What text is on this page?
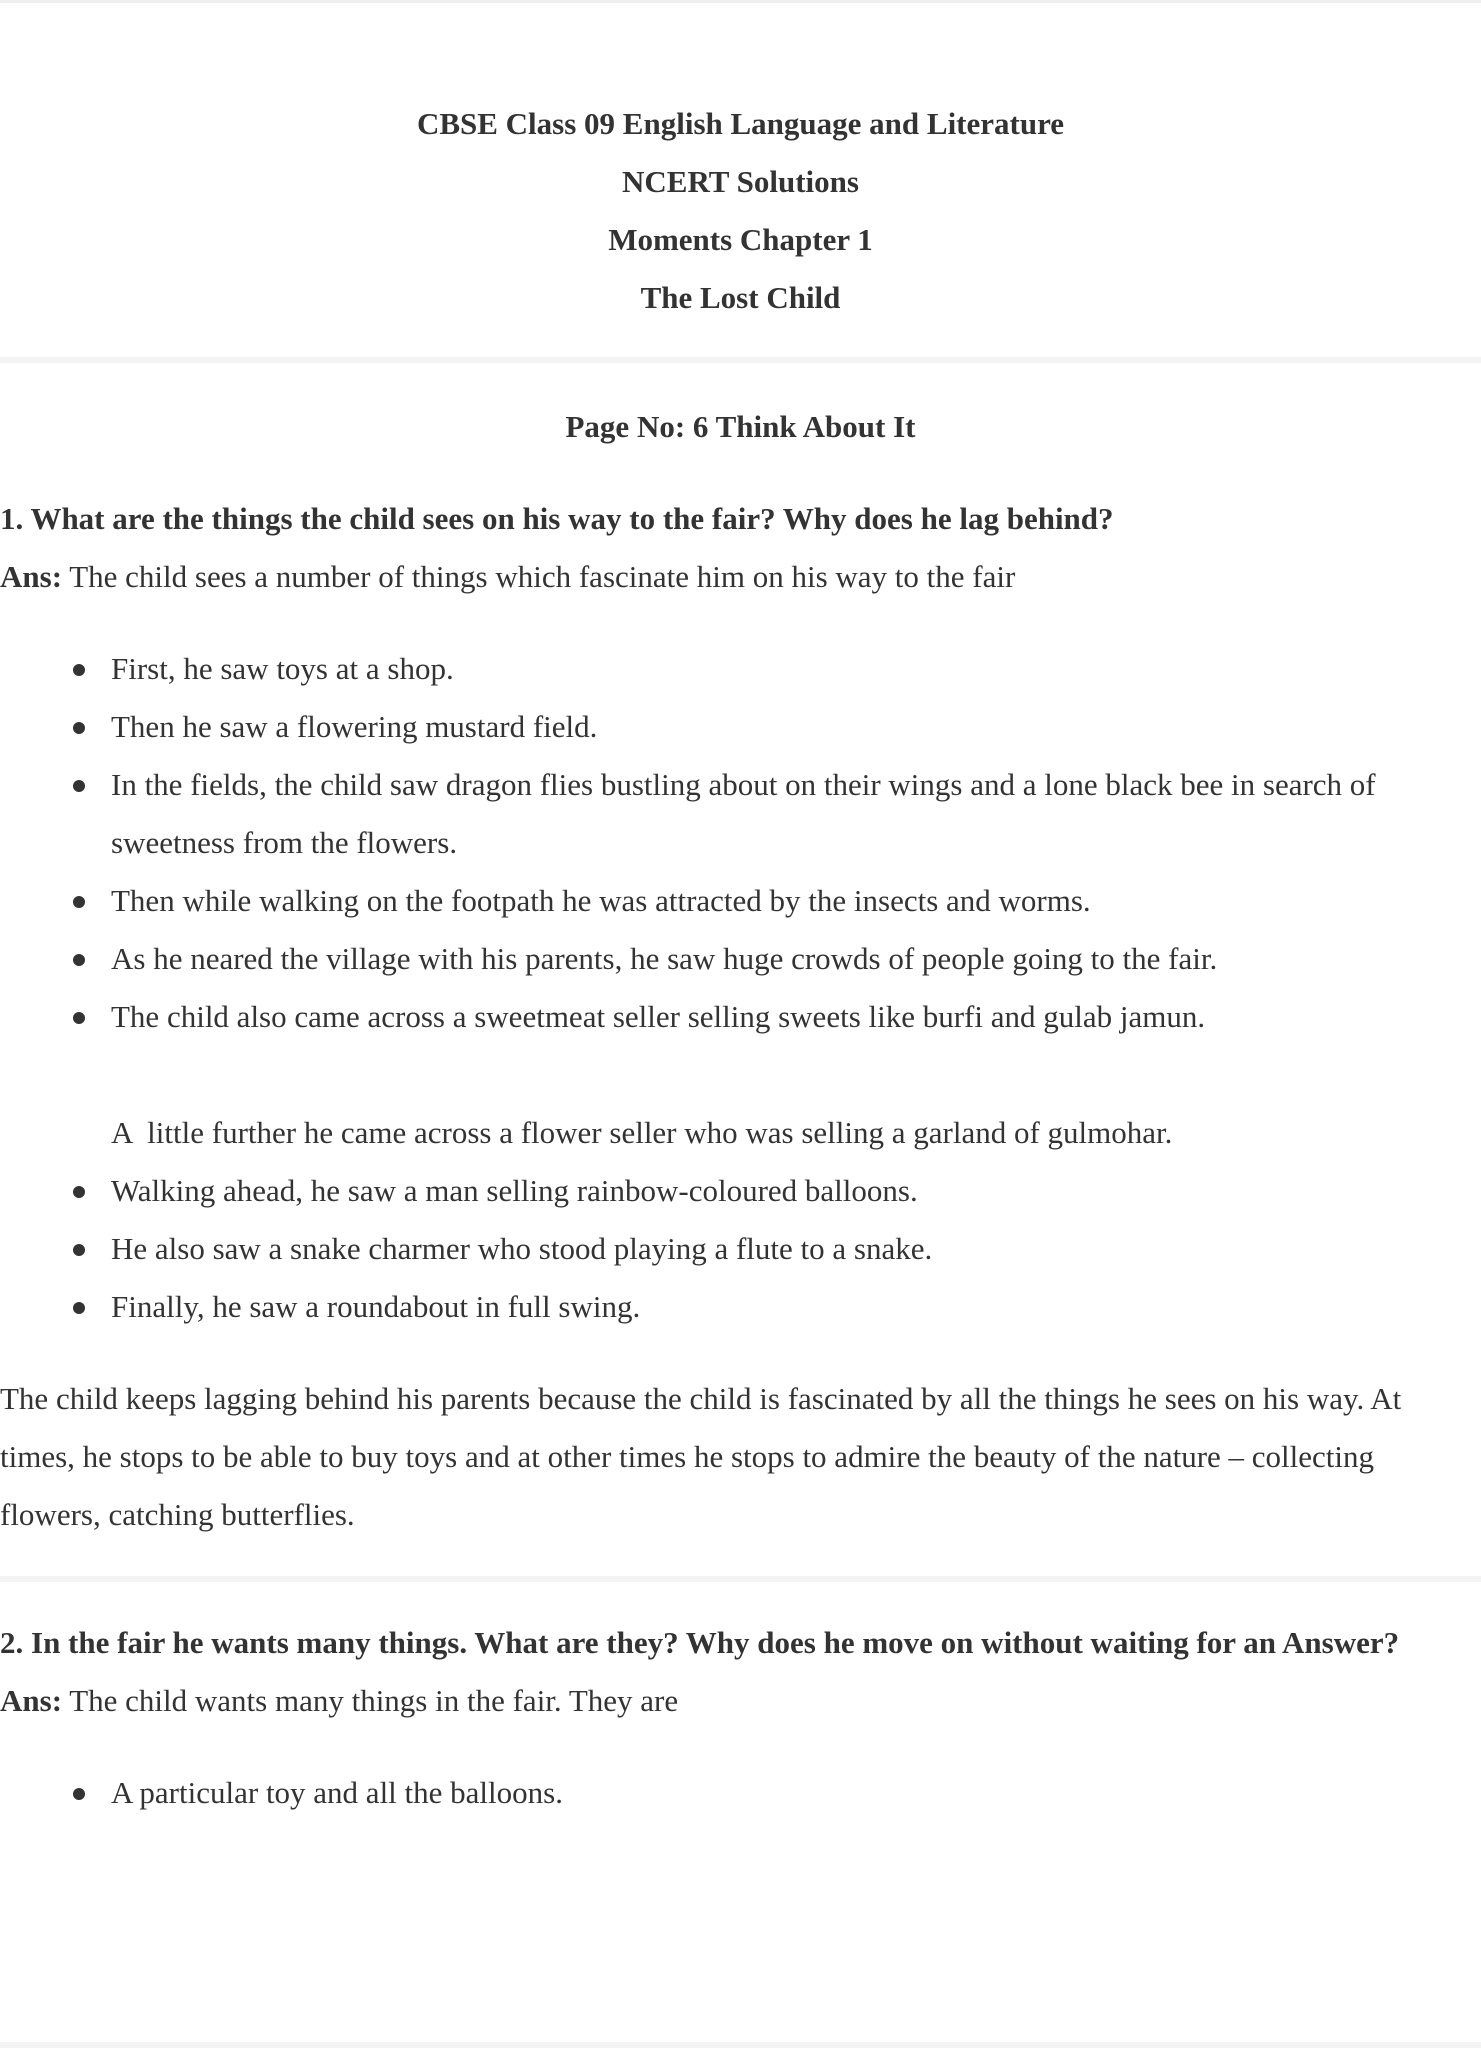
CBSE Class 09 English Language and Literature
NCERT Solutions
Moments Chapter 1
The Lost Child
Page No: 6 Think About It

1. What are the things the child sees on his way to the fair? Why does he lag behind?

Ans: The child sees a number of things which fascinate him on his way to the fair

First, he saw toys at a shop.
Then he saw a flowering mustard field.
In the fields, the child saw dragon flies bustling about on their wings and a lone black bee in search of sweetness from the flowers.
Then while walking on the footpath he was attracted by the insects and worms.
As he neared the village with his parents, he saw huge crowds of people going to the fair.
The child also came across a sweetmeat seller selling sweets like burfi and gulab jamun.
A  little further he came across a flower seller who was selling a garland of gulmohar.
Walking ahead, he saw a man selling rainbow-coloured balloons.
He also saw a snake charmer who stood playing a flute to a snake.
Finally, he saw a roundabout in full swing.

The child keeps lagging behind his parents because the child is fascinated by all the things he sees on his way. At times, he stops to be able to buy toys and at other times he stops to admire the beauty of the nature – collecting flowers, catching butterflies.

2. In the fair he wants many things. What are they? Why does he move on without waiting for an Answer?

Ans: The child wants many things in the fair. They are

A particular toy and all the balloons.
